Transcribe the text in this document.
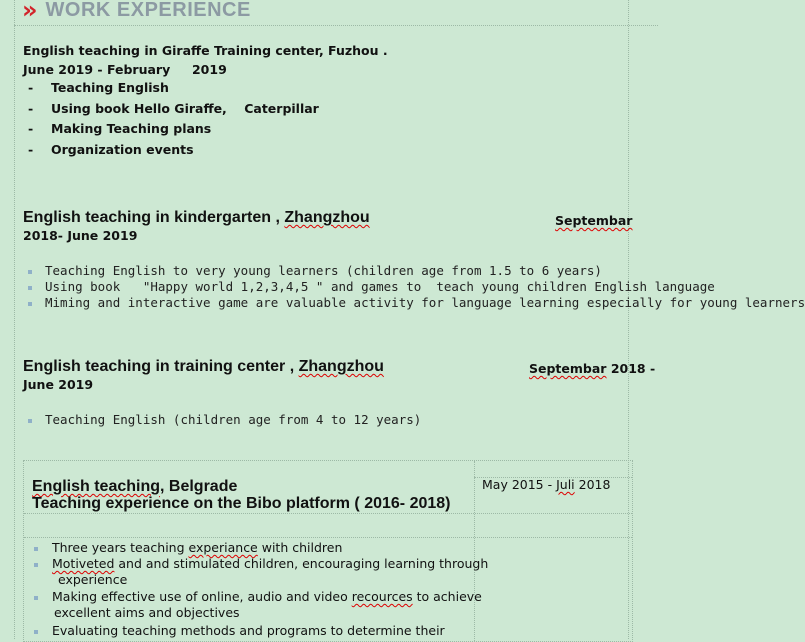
» WORK EXPERIENCE
English teaching in Giraffe Training center, Fuzhou .
June 2019 - February     2019
- Teaching English
- Using book Hello Giraffe,    Caterpillar
- Making Teaching plans
- Organization events
English teaching in kindergarten , Zhangzhou	Septembar
2018- June 2019
Teaching English to very young learners (children age from 1.5 to 6 years)
Using book   "Happy world 1,2,3,4,5 " and games to  teach young children English language
Miming and interactive game are valuable activity for language learning especially for young learners
English teaching in training center , Zhangzhou	Septembar 2018 -
June 2019
Teaching English (children age from 4 to 12 years)
English teaching, Belgrade
Teaching experience on the Bibo platform ( 2016- 2018)
May 2015 - Juli 2018
Three years teaching experiance with children
Motiveted and and stimulated children, encouraging learning through
experience
Making effective use of online, audio and video recources to achieve
excellent aims and objectives
Evaluating teaching methods and programs to determine their
